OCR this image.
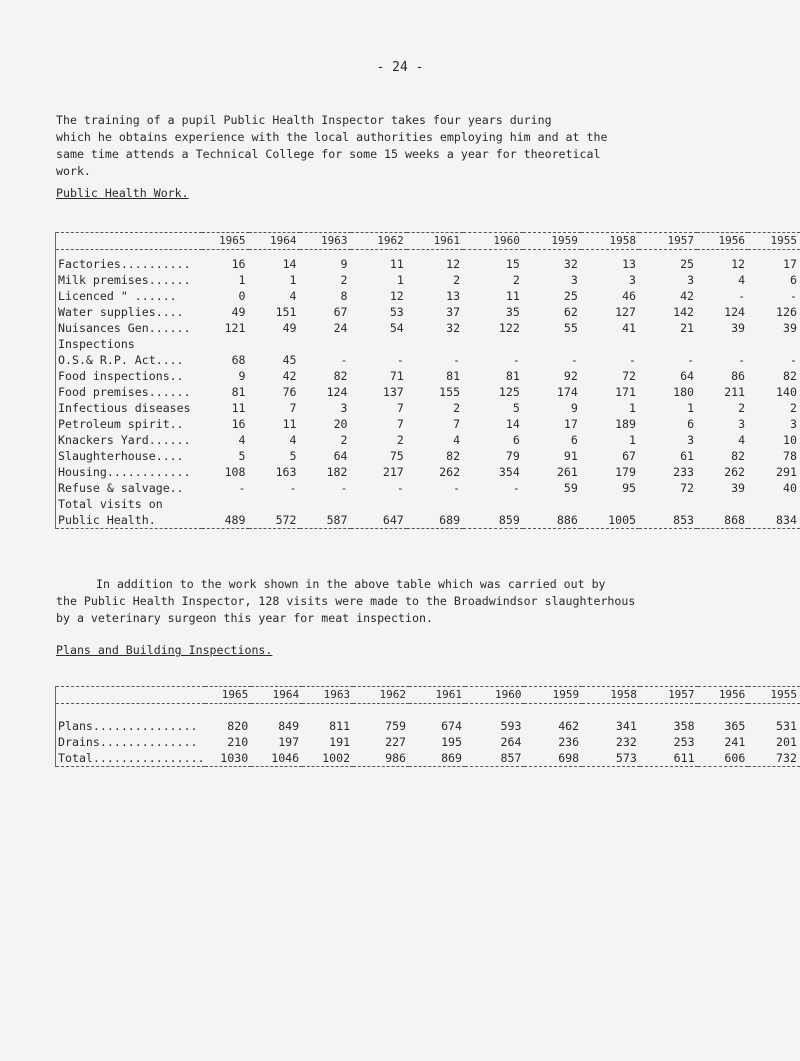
- 24 -
The training of a pupil Public Health Inspector takes four years during
which he obtains experience with the local authorities employing him and at the
same time attends a Technical College for some 15 weeks a year for theoretical
work.
Public Health Work.
	1965	1964	1963	1962	1961	1960	1959	1958	1957	1956	1955

Factories..........	16	14	9	11	12	15	32	13	25	12	17
Milk premises......	1	1	2	1	2	2	3	3	3	4	6
Licenced " ......	0	4	8	12	13	11	25	46	42	-	-
Water supplies....	49	151	67	53	37	35	62	127	142	124	126
Nuisances Gen......	121	49	24	54	32	122	55	41	21	39	39
Inspections											
O.S.& R.P. Act....	68	45	-	-	-	-	-	-	-	-	-
Food inspections..	9	42	82	71	81	81	92	72	64	86	82
Food premises......	81	76	124	137	155	125	174	171	180	211	140
Infectious diseases	11	7	3	7	2	5	9	1	1	2	2
Petroleum spirit..	16	11	20	7	7	14	17	189	6	3	3
Knackers Yard......	4	4	2	2	4	6	6	1	3	4	10
Slaughterhouse....	5	5	64	75	82	79	91	67	61	82	78
Housing............	108	163	182	217	262	354	261	179	233	262	291
Refuse & salvage..	-	-	-	-	-	-	59	95	72	39	40
Total visits on											
Public Health.	489	572	587	647	689	859	886	1005	853	868	834
In addition to the work shown in the above table which was carried out by
the Public Health Inspector, 128 visits were made to the Broadwindsor slaughterhous
by a veterinary surgeon this year for meat inspection.
Plans and Building Inspections.
	1965	1964	1963	1962	1961	1960	1959	1958	1957	1956	1955

Plans...............	820	849	811	759	674	593	462	341	358	365	531
Drains..............	210	197	191	227	195	264	236	232	253	241	201
Total................	1030	1046	1002	986	869	857	698	573	611	606	732
